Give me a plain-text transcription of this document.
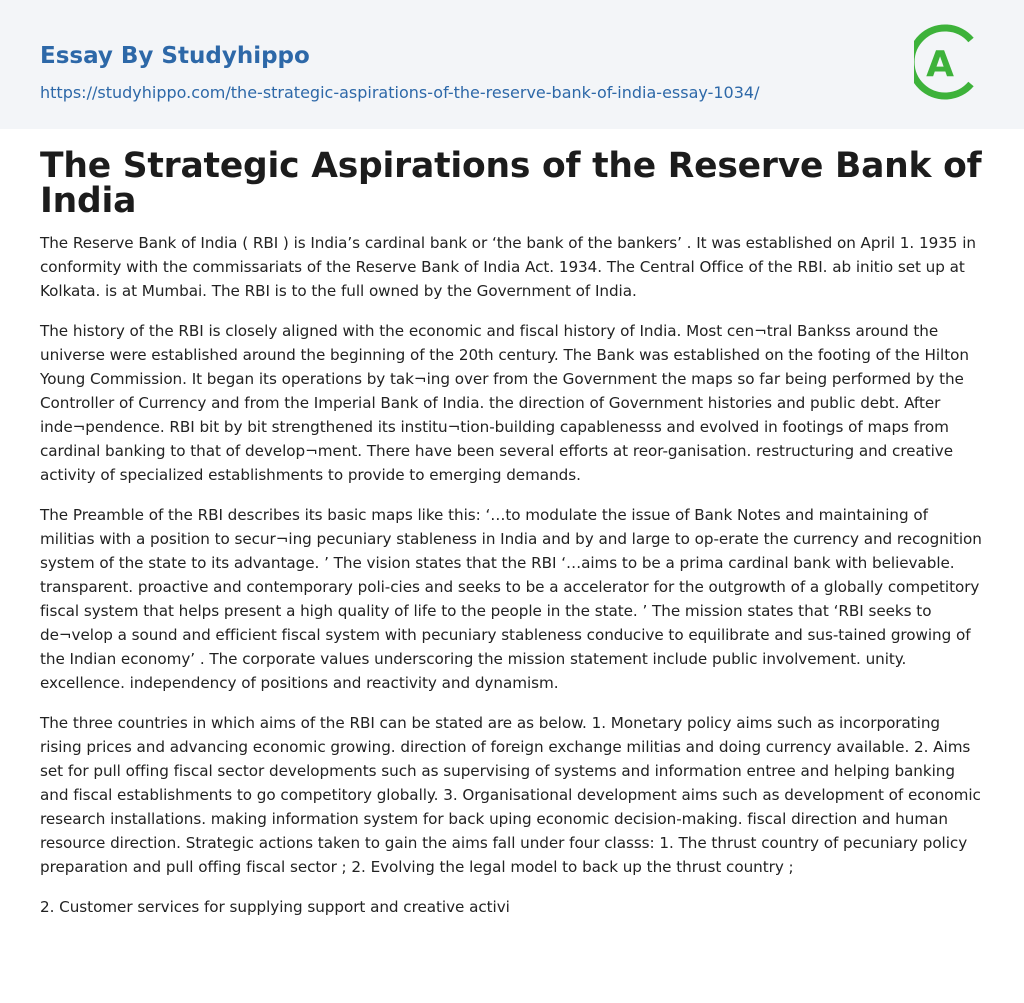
Essay By Studyhippo
https://studyhippo.com/the-strategic-aspirations-of-the-reserve-bank-of-india-essay-1034/
A
The Strategic Aspirations of the Reserve Bank of India

The Reserve Bank of India ( RBI ) is India’s cardinal bank or ‘the bank of the bankers’ . It was established on April 1. 1935 in conformity with the commissariats of the Reserve Bank of India Act. 1934. The Central Office of the RBI. ab initio set up at Kolkata. is at Mumbai. The RBI is to the full owned by the Government of India.

The history of the RBI is closely aligned with the economic and fiscal history of India. Most cen¬tral Bankss around the universe were established around the beginning of the 20th century. The Bank was established on the footing of the Hilton Young Commission. It began its operations by tak¬ing over from the Government the maps so far being performed by the Controller of Currency and from the Imperial Bank of India. the direction of Government histories and public debt. After inde¬pendence. RBI bit by bit strengthened its institu¬tion-building capablenesss and evolved in footings of maps from cardinal banking to that of develop¬ment. There have been several efforts at reor-ganisation. restructuring and creative activity of specialized establishments to provide to emerging demands.

The Preamble of the RBI describes its basic maps like this: ‘…to modulate the issue of Bank Notes and maintaining of militias with a position to secur¬ing pecuniary stableness in India and by and large to op-erate the currency and recognition system of the state to its advantage. ’ The vision states that the RBI ‘…aims to be a prima cardinal bank with believable. transparent. proactive and contemporary poli-cies and seeks to be a accelerator for the outgrowth of a globally competitory fiscal system that helps present a high quality of life to the people in the state. ’ The mission states that ‘RBI seeks to de¬velop a sound and efficient fiscal system with pecuniary stableness conducive to equilibrate and sus-tained growing of the Indian economy’ . The corporate values underscoring the mission statement include public involvement. unity. excellence. independency of positions and reactivity and dynamism.

The three countries in which aims of the RBI can be stated are as below. 1. Monetary policy aims such as incorporating rising prices and advancing economic growing. direction of foreign exchange militias and doing currency available. 2. Aims set for pull offing fiscal sector developments such as supervising of systems and information entree and helping banking and fiscal establishments to go competitory globally. 3. Organisational development aims such as development of economic research installations. making information system for back uping economic decision-making. fiscal direction and human resource direction. Strategic actions taken to gain the aims fall under four classs: 1. The thrust country of pecuniary policy preparation and pull offing fiscal sector ; 2. Evolving the legal model to back up the thrust country ;

2. Customer services for supplying support and creative activi
